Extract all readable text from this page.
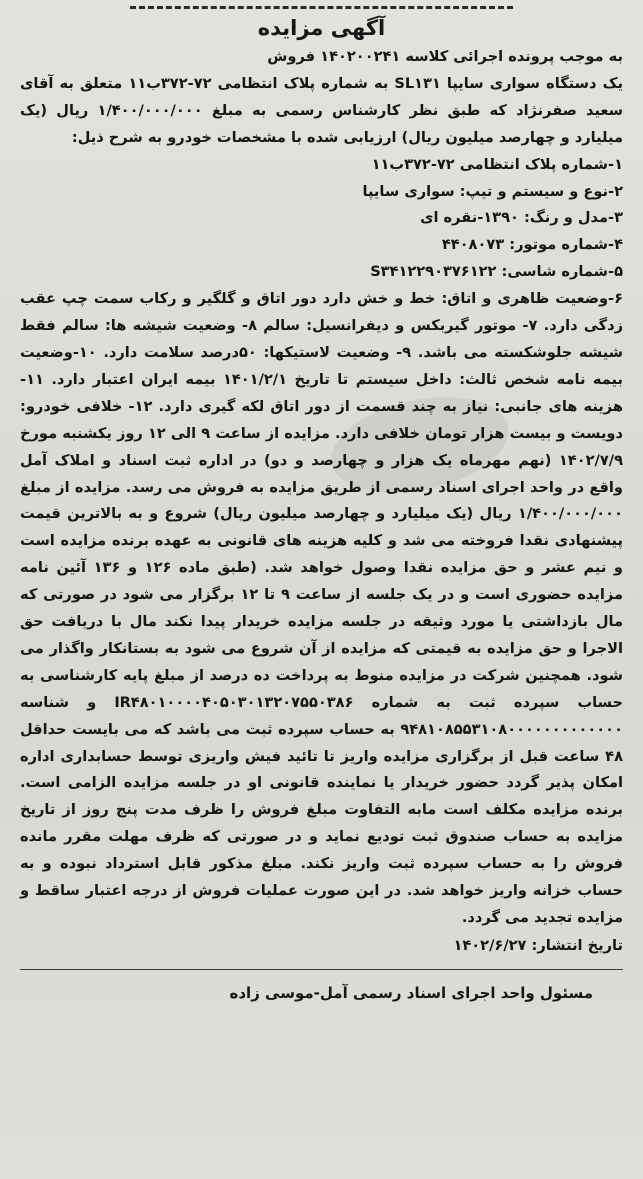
آگهی مزایده

به موجب پرونده اجرائی کلاسه ۱۴۰۲۰۰۲۴۱ فروش

یک دستگاه سواری سایپا SL۱۳۱ به شماره پلاک انتظامی ۷۲-۳۷۲ب۱۱ متعلق به آقای سعید صفرنژاد که طبق نظر کارشناس رسمی به مبلغ ۱/۴۰۰/۰۰۰/۰۰۰ ریال (یک میلیارد و چهارصد میلیون ریال) ارزیابی شده با مشخصات خودرو به شرح ذیل:

۱-شماره پلاک انتظامی ۷۲-۳۷۲ب۱۱

۲-نوع و سیستم و تیپ: سواری سایپا

۳-مدل و رنگ: ۱۳۹۰-نقره ای

۴-شماره موتور: ۴۴۰۸۰۷۳

۵-شماره شاسی: S۳۴۱۲۲۹۰۳۷۶۱۲۲

۶-وضعیت ظاهری و اتاق: خط و خش دارد دور اتاق و گلگیر و رکاب سمت چپ عقب زدگی دارد. ۷- موتور گیربکس و دیفرانسیل: سالم ۸- وضعیت شیشه ها: سالم فقط شیشه جلوشکسته می باشد. ۹- وضعیت لاستیکها: ۵۰درصد سلامت دارد. ۱۰-وضعیت بیمه نامه شخص ثالث: داخل سیستم تا تاریخ ۱۴۰۱/۲/۱ بیمه ایران اعتبار دارد. ۱۱- هزینه های جانبی: نیاز به چند قسمت از دور اتاق لکه گیری دارد. ۱۲- خلافی خودرو: دویست و بیست هزار تومان خلافی دارد. مزایده از ساعت ۹ الی ۱۲ روز یکشنبه مورخ ۱۴۰۲/۷/۹ (نهم مهرماه یک هزار و چهارصد و دو) در اداره ثبت اسناد و املاک آمل واقع در واحد اجرای اسناد رسمی از طریق مزایده به فروش می رسد. مزایده از مبلغ ۱/۴۰۰/۰۰۰/۰۰۰ ریال (یک میلیارد و چهارصد میلیون ریال) شروع و به بالاترین قیمت پیشنهادی نقدا فروخته می شد و کلیه هزینه های قانونی به عهده برنده مزایده است و نیم عشر و حق مزایده نقدا وصول خواهد شد. (طبق ماده ۱۲۶ و ۱۳۶ آئین نامه مزایده حضوری است و در یک جلسه از ساعت ۹ تا ۱۲ برگزار می شود در صورتی که مال بازداشتی یا مورد وثیقه در جلسه مزایده خریدار پیدا نکند مال با دریافت حق الاجرا و حق مزایده به قیمتی که مزایده از آن شروع می شود به بستانکار واگذار می شود. همچنین شرکت در مزایده منوط به پرداخت ده درصد از مبلغ پایه کارشناسی به حساب سپرده ثبت به شماره IR۴۸۰۱۰۰۰۰۴۰۵۰۳۰۱۳۲۰۷۵۵۰۳۸۶ و شناسه ۹۴۸۱۰۸۵۵۳۱۰۸۰۰۰۰۰۰۰۰۰۰۰۰۰ به حساب سپرده ثبت می باشد که می بایست حداقل ۴۸ ساعت قبل از برگزاری مزایده واریز تا تائید فیش واریزی توسط حسابداری اداره امکان پذیر گردد حضور خریدار یا نماینده قانونی او در جلسه مزایده الزامی است. برنده مزایده مکلف است مابه التفاوت مبلغ فروش را ظرف مدت پنج روز از تاریخ مزایده به حساب صندوق ثبت تودیع نماید و در صورتی که ظرف مهلت مقرر مانده فروش را به حساب سپرده ثبت واریز نکند. مبلغ مذکور قابل استرداد نبوده و به حساب خزانه واریز خواهد شد. در این صورت عملیات فروش از درجه اعتبار ساقط و مزایده تجدید می گردد.

تاریخ انتشار: ۱۴۰۲/۶/۲۷
مسئول واحد اجرای اسناد رسمی آمل-موسی زاده
